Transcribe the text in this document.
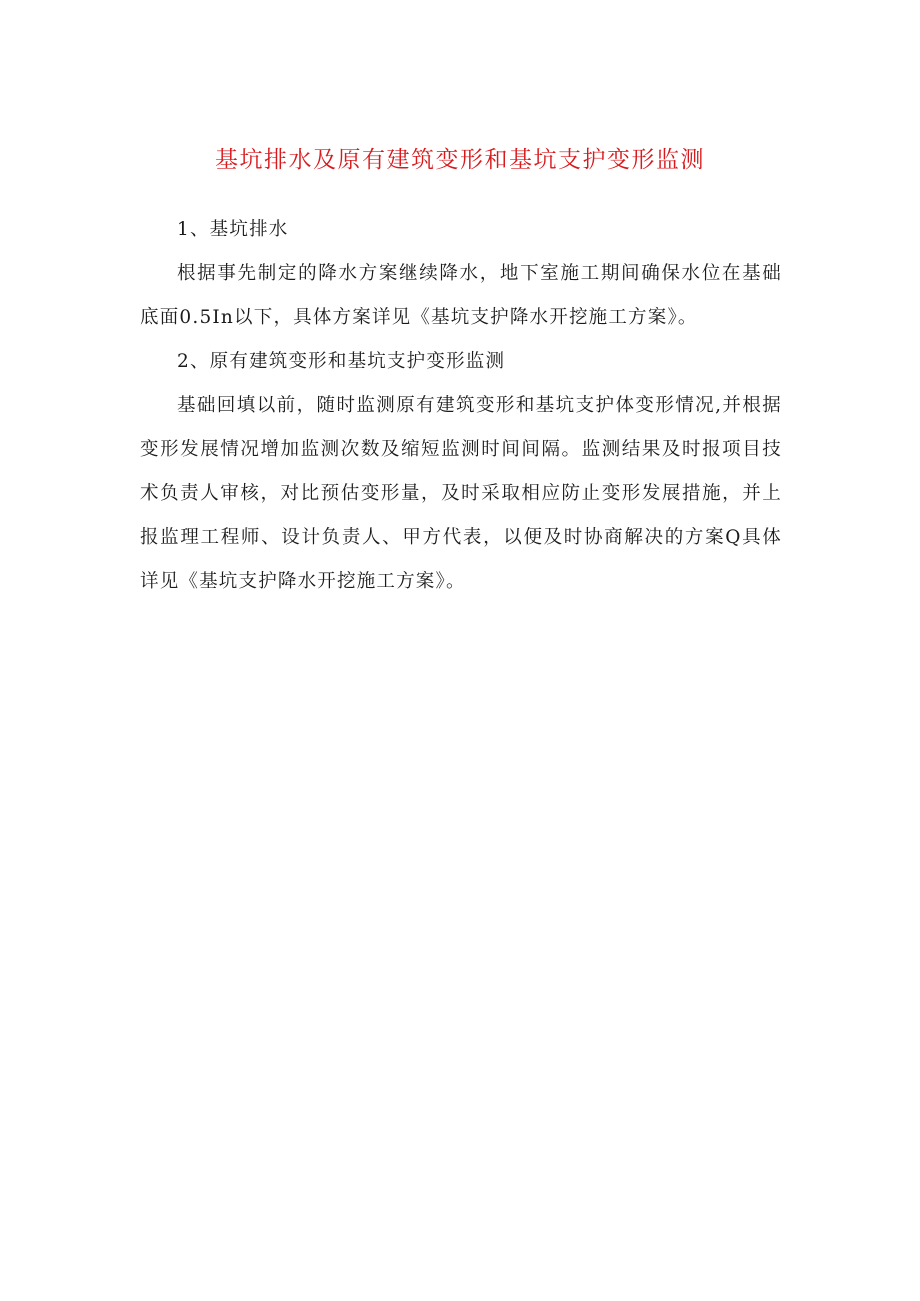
基坑排水及原有建筑变形和基坑支护变形监测

1、基坑排水

根据事先制定的降水方案继续降水，地下室施工期间确保水位在基础底面0.5In以下，具体方案详见《基坑支护降水开挖施工方案》。

2、原有建筑变形和基坑支护变形监测

基础回填以前，随时监测原有建筑变形和基坑支护体变形情况,并根据变形发展情况增加监测次数及缩短监测时间间隔。监测结果及时报项目技术负责人审核，对比预估变形量，及时采取相应防止变形发展措施，并上报监理工程师、设计负责人、甲方代表，以便及时协商解决的方案Q具体详见《基坑支护降水开挖施工方案》。
